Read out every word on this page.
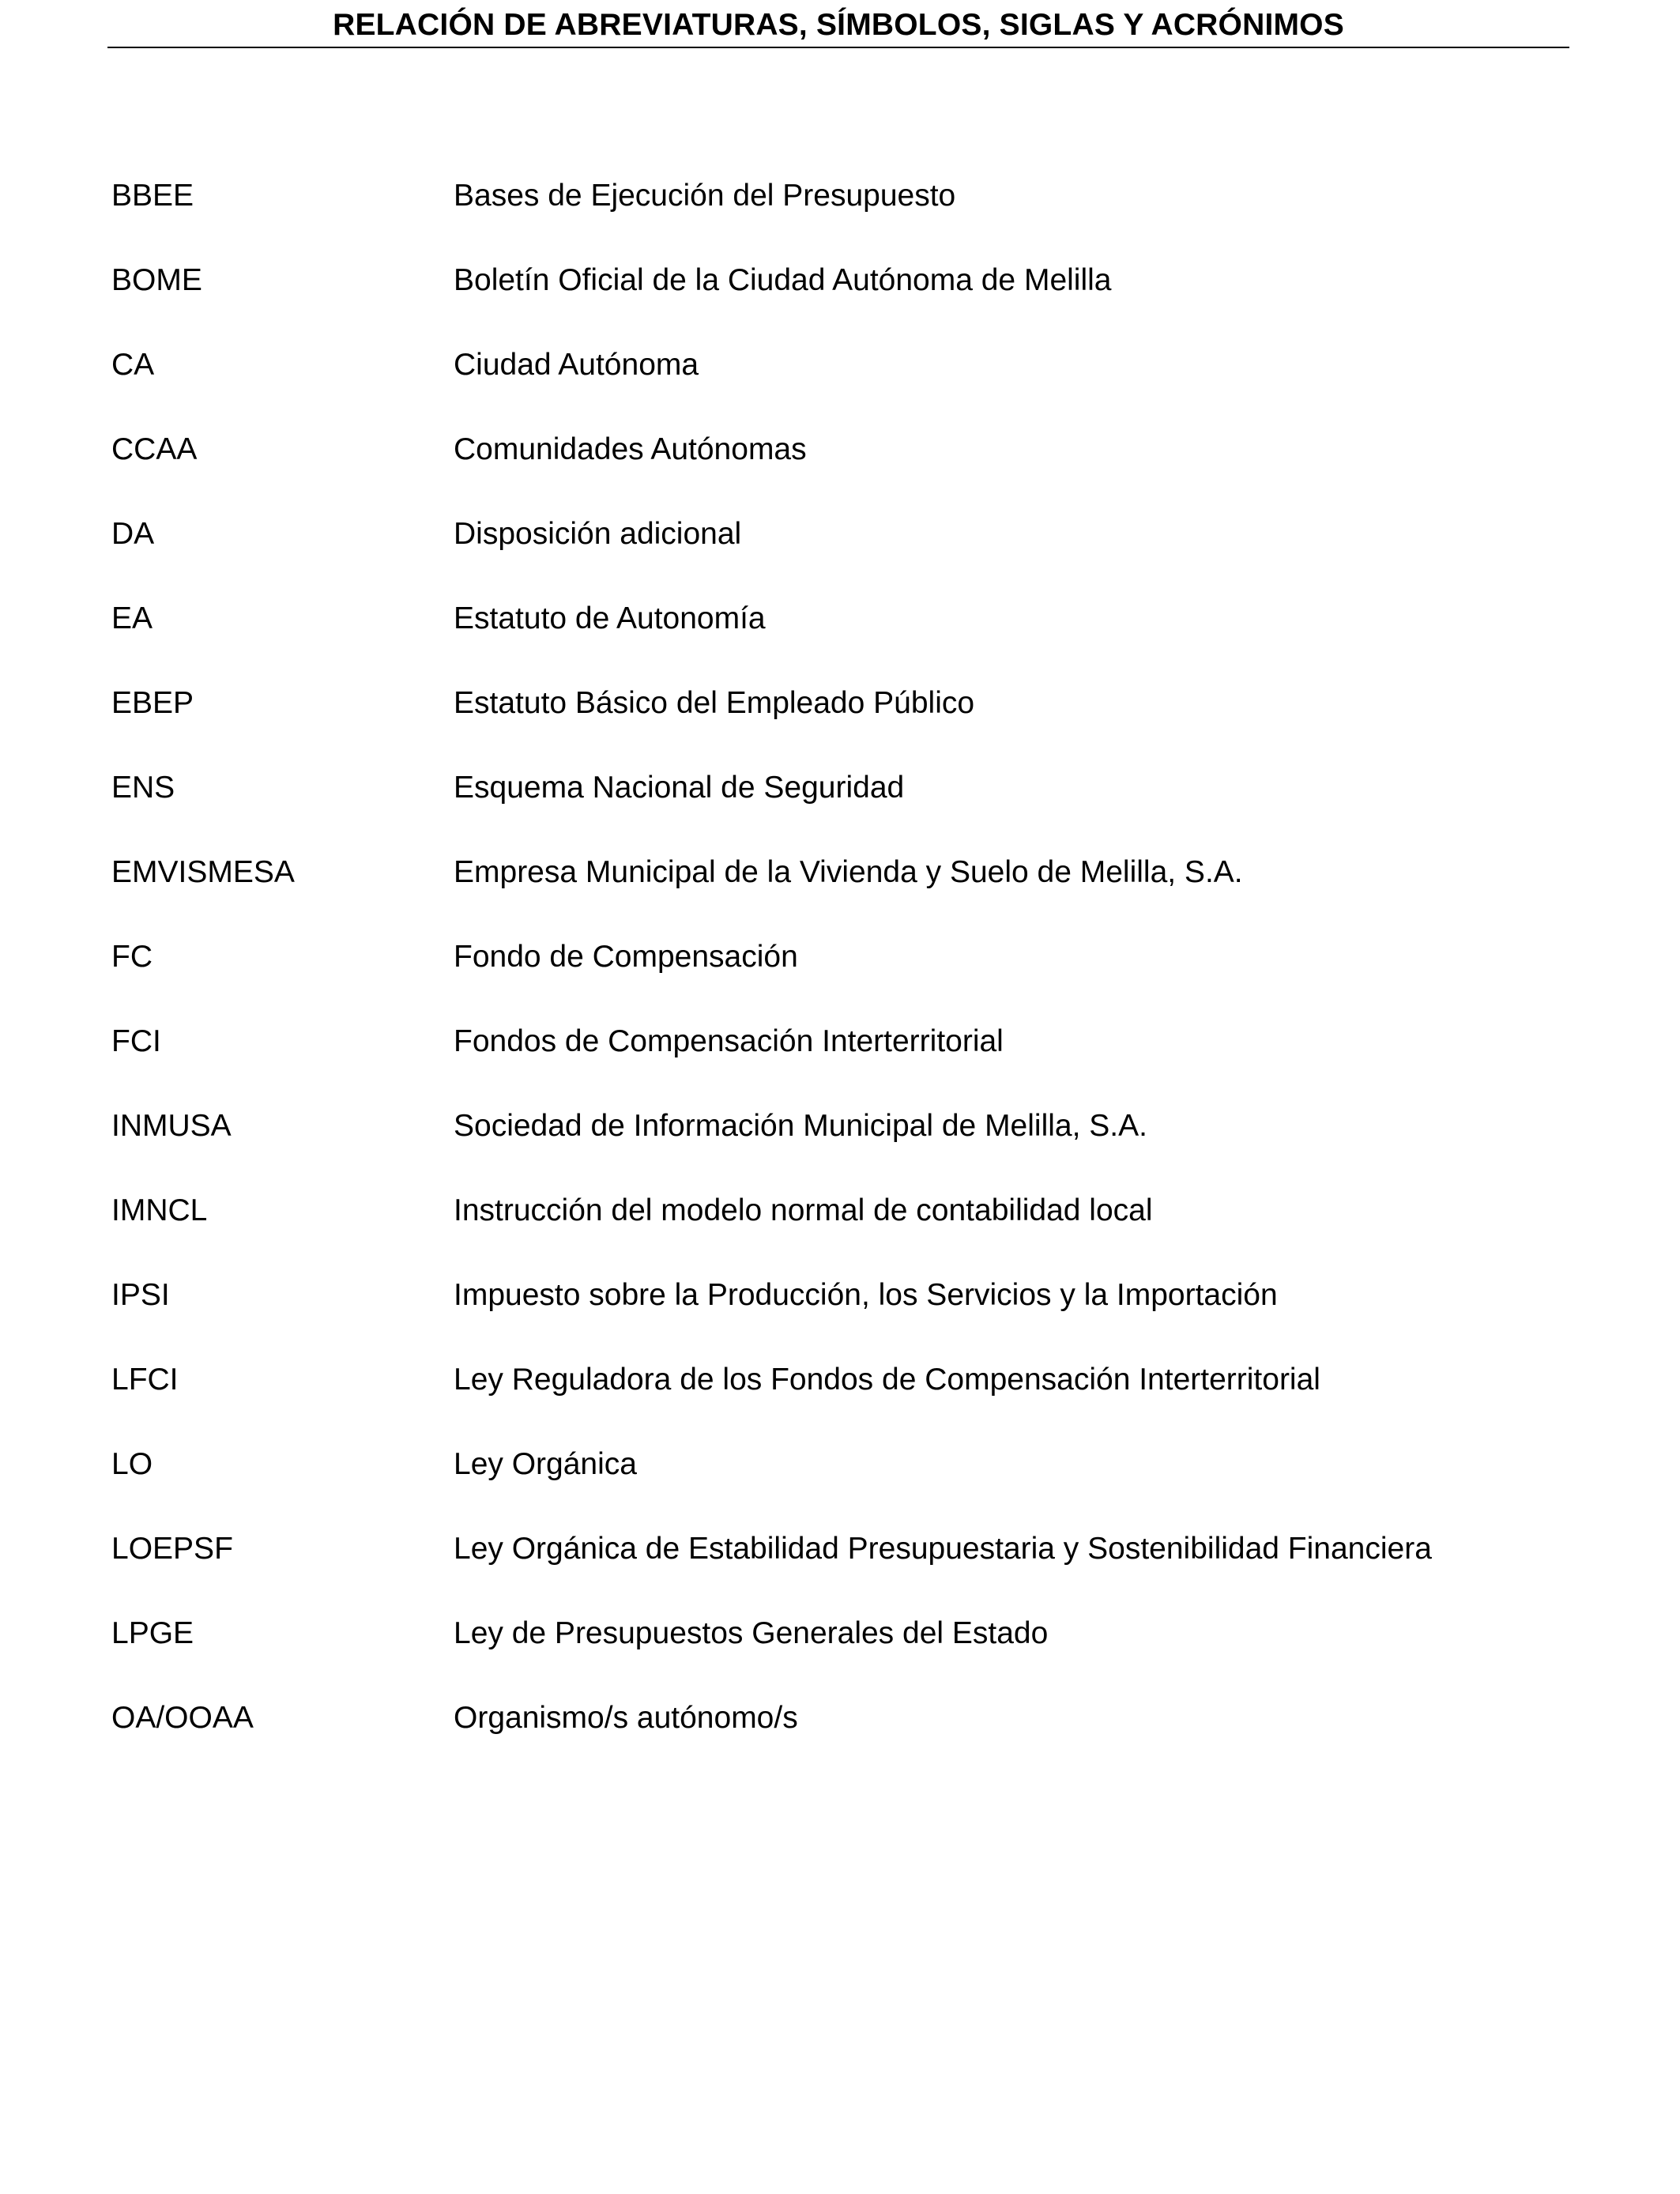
RELACIÓN DE ABREVIATURAS, SÍMBOLOS, SIGLAS Y ACRÓNIMOS
BBEE	Bases de Ejecución del Presupuesto
BOME	Boletín Oficial de la Ciudad Autónoma de Melilla
CA	Ciudad Autónoma
CCAA	Comunidades Autónomas
DA	Disposición adicional
EA	Estatuto de Autonomía
EBEP	Estatuto Básico del Empleado Público
ENS	Esquema Nacional de Seguridad
EMVISMESA	Empresa Municipal de la Vivienda y Suelo de Melilla, S.A.
FC	Fondo de Compensación
FCI	Fondos de Compensación Interterritorial
INMUSA	Sociedad de Información Municipal de Melilla, S.A.
IMNCL	Instrucción del modelo normal de contabilidad local
IPSI	Impuesto sobre la Producción, los Servicios y la Importación
LFCI	Ley Reguladora de los Fondos de Compensación Interterritorial
LO	Ley Orgánica
LOEPSF	Ley Orgánica de Estabilidad Presupuestaria y Sostenibilidad Financiera
LPGE	Ley de Presupuestos Generales del Estado
OA/OOAA	Organismo/s autónomo/s
